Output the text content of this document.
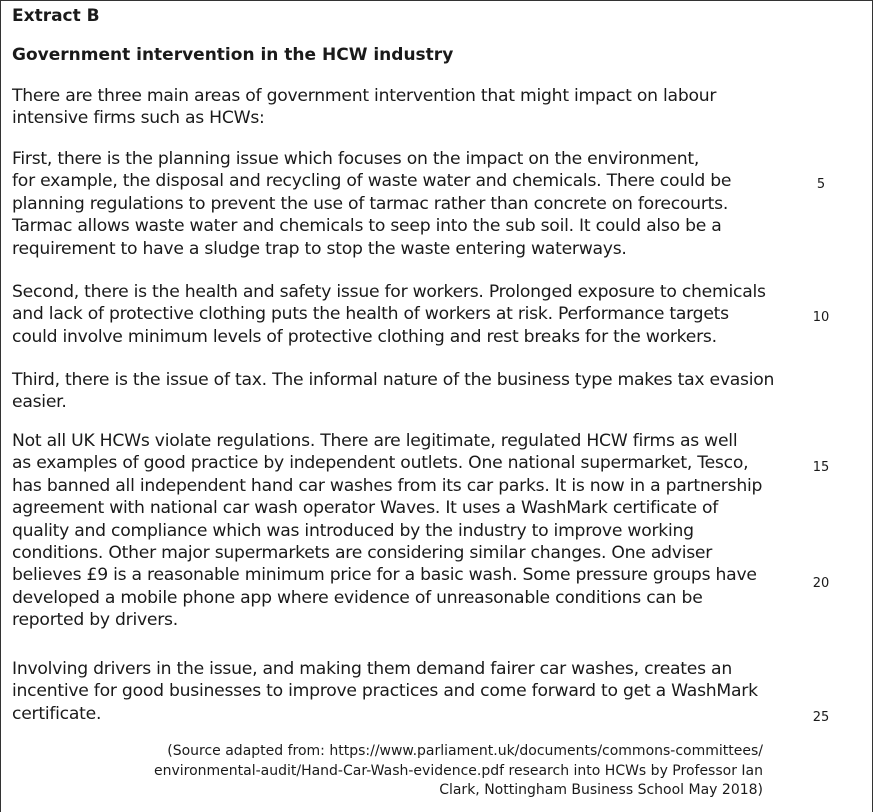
Extract B
Government intervention in the HCW industry

There are three main areas of government intervention that might impact on labour
intensive firms such as HCWs:

First, there is the planning issue which focuses on the impact on the environment,
for example, the disposal and recycling of waste water and chemicals. There could be
planning regulations to prevent the use of tarmac rather than concrete on forecourts.
Tarmac allows waste water and chemicals to seep into the sub soil. It could also be a
requirement to have a sludge trap to stop the waste entering waterways.

Second, there is the health and safety issue for workers. Prolonged exposure to chemicals
and lack of protective clothing puts the health of workers at risk. Performance targets
could involve minimum levels of protective clothing and rest breaks for the workers.

Third, there is the issue of tax. The informal nature of the business type makes tax evasion
easier.

Not all UK HCWs violate regulations. There are legitimate, regulated HCW firms as well
as examples of good practice by independent outlets. One national supermarket, Tesco,
has banned all independent hand car washes from its car parks. It is now in a partnership
agreement with national car wash operator Waves. It uses a WashMark certificate of
quality and compliance which was introduced by the industry to improve working
conditions. Other major supermarkets are considering similar changes. One adviser
believes £9 is a reasonable minimum price for a basic wash. Some pressure groups have
developed a mobile phone app where evidence of unreasonable conditions can be
reported by drivers.

Involving drivers in the issue, and making them demand fairer car washes, creates an
incentive for good businesses to improve practices and come forward to get a WashMark
certificate.

5
10
15
20
25
(Source adapted from: https://www.parliament.uk/documents/commons-committees/
environmental-audit/Hand-Car-Wash-evidence.pdf research into HCWs by Professor Ian
Clark, Nottingham Business School May 2018)
